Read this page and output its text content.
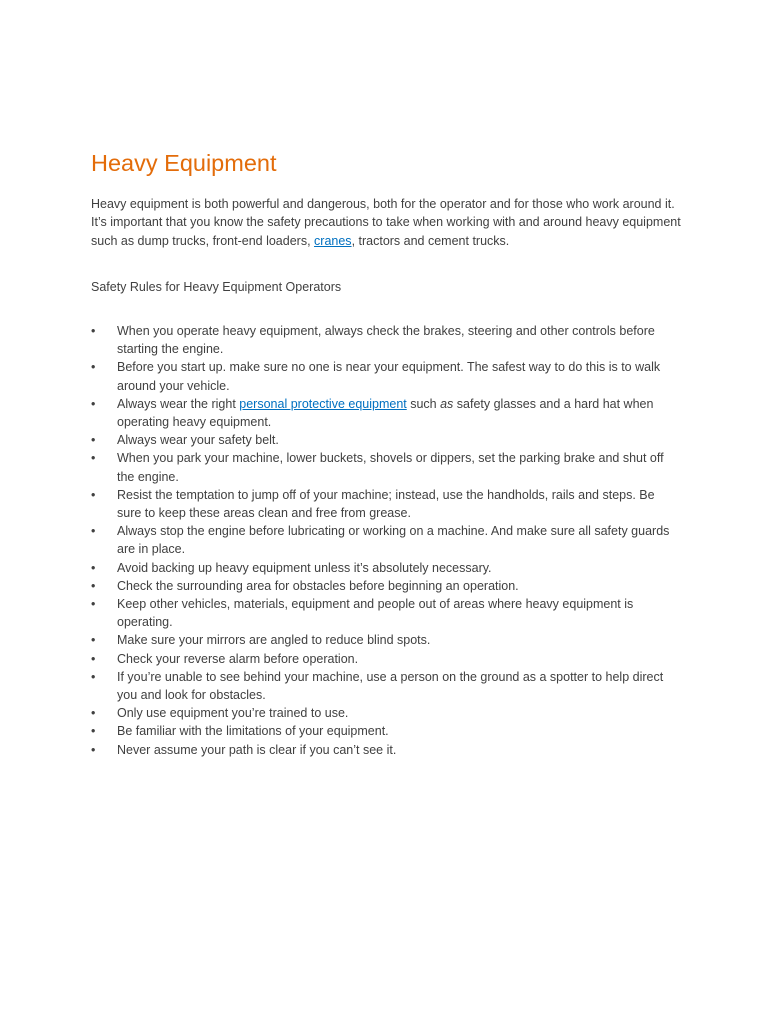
Heavy Equipment

Heavy equipment is both powerful and dangerous, both for the operator and for those who work around it. It’s important that you know the safety precautions to take when working with and around heavy equipment such as dump trucks, front-end loaders, cranes, tractors and cement trucks.

Safety Rules for Heavy Equipment Operators

•	When you operate heavy equipment, always check the brakes, steering and other controls before starting the engine.
•	Before you start up. make sure no one is near your equipment. The safest way to do this is to walk around your vehicle.
•	Always wear the right personal protective equipment such as safety glasses and a hard hat when operating heavy equipment.
•	Always wear your safety belt.
•	When you park your machine, lower buckets, shovels or dippers, set the parking brake and shut off the engine.
•	Resist the temptation to jump off of your machine; instead, use the handholds, rails and steps. Be sure to keep these areas clean and free from grease.
•	Always stop the engine before lubricating or working on a machine. And make sure all safety guards are in place.
•	Avoid backing up heavy equipment unless it’s absolutely necessary.
•	Check the surrounding area for obstacles before beginning an operation.
•	Keep other vehicles, materials, equipment and people out of areas where heavy equipment is operating.
•	Make sure your mirrors are angled to reduce blind spots.
•	Check your reverse alarm before operation.
•	If you’re unable to see behind your machine, use a person on the ground as a spotter to help direct you and look for obstacles.
•	Only use equipment you’re trained to use.
•	Be familiar with the limitations of your equipment.
•	Never assume your path is clear if you can’t see it.
